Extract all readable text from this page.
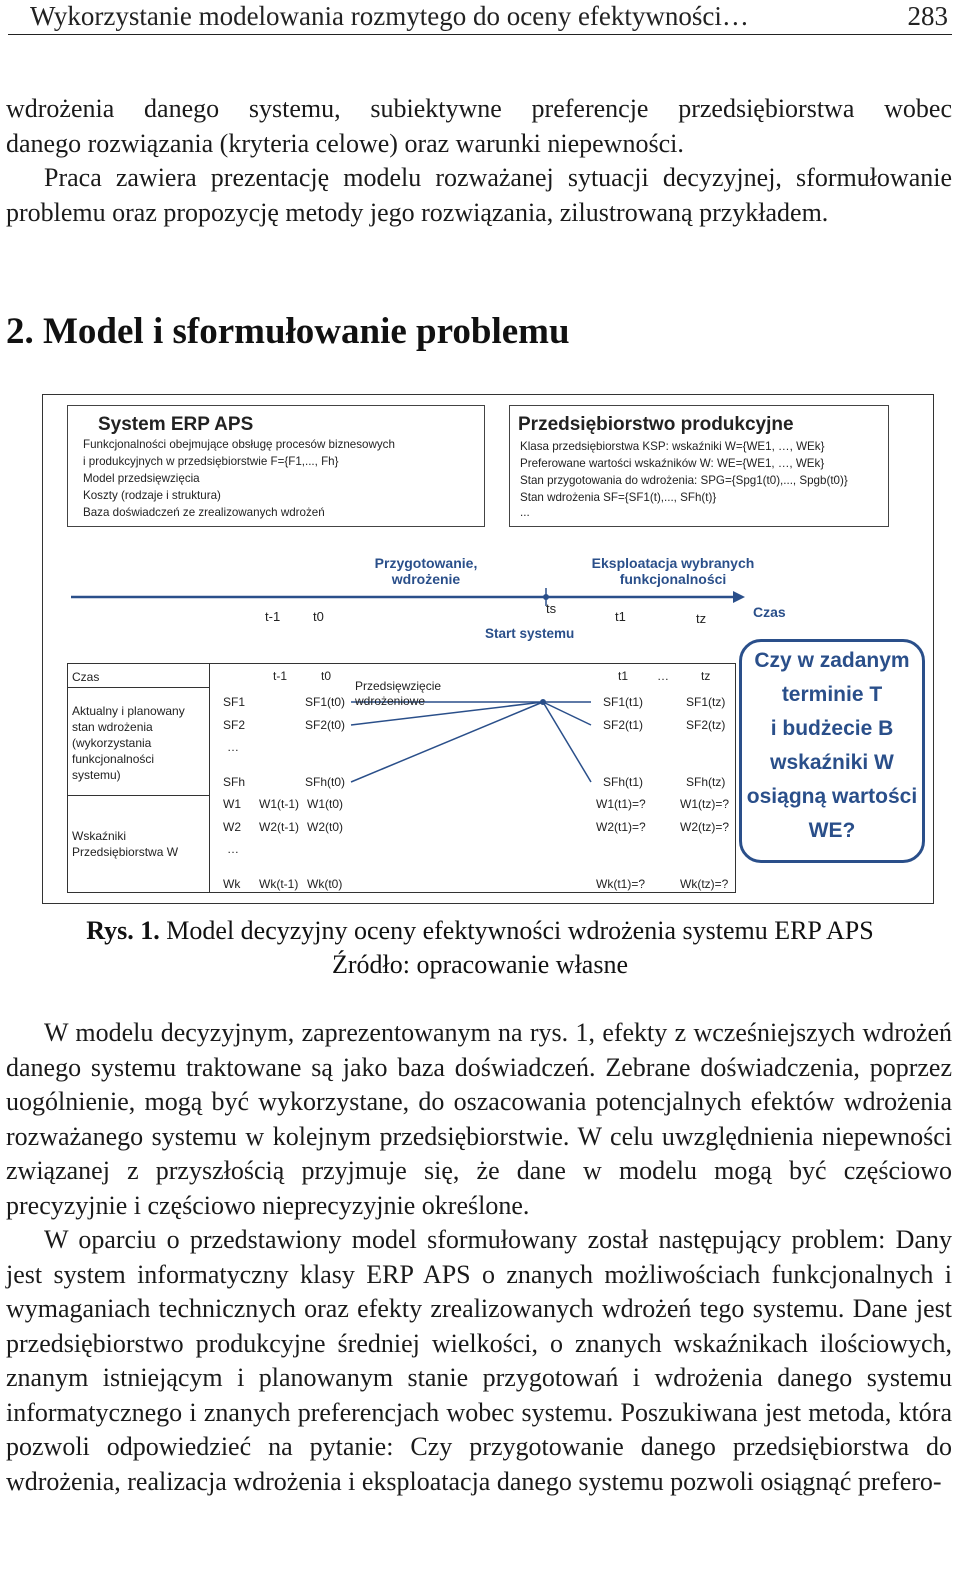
Wykorzystanie modelowania rozmytego do oceny efektywności…	283

wdrożenia danego systemu, subiektywne preferencje przedsiębiorstwa wobec

danego rozwiązania (kryteria celowe) oraz warunki niepewności.

Praca zawiera prezentację modelu rozważanej sytuacji decyzyjnej, sformułowanie problemu oraz propozycję metody jego rozwiązania, zilustrowaną przykładem.

2. Model i sformułowanie problemu
System ERP APS
Funkcjonalności obejmujące obsługę procesów biznesowych
i produkcyjnych w przedsiębiorstwie F={F1,..., Fh}
Model przedsięwzięcia
Koszty (rodzaje i struktura)
Baza doświadczeń ze zrealizowanych wdrożeń
Przedsiębiorstwo produkcyjne
Klasa przedsiębiorstwa KSP: wskaźniki W={WE1, …, WEk}
Preferowane wartości wskaźników W: WE={WE1, …, WEk}
Stan przygotowania do wdrożenia: SPG={Spg1(t0),..., Spgb(t0)}
Stan wdrożenia SF={SF1(t),..., SFh(t)}
...
Przygotowanie,
wdrożenie
Eksploatacja wybranych
funkcjonalności
t-1	t0
ts
Start systemu
t1	tz	Czas
Czas
Aktualny i planowany
stan wdrożenia
(wykorzystania
funkcjonalności
systemu)
Wskaźniki
Przedsiębiorstwa W
t-1	t0	t1 …	tz
Przedsięwzięcie
wdrożeniowe
SF1	SF1(t0)	SF1(t1)	SF1(tz)
SF2	SF2(t0)	SF2(t1)	SF2(tz)
…
SFh	SFh(t0)	SFh(t1)	SFh(tz)
W1 W1(t-1) W1(t0)	W1(t1)=?	W1(tz)=?
W2 W2(t-1) W2(t0)	W2(t1)=?	W2(tz)=?
…
Wk Wk(t-1) Wk(t0)	Wk(t1)=?	Wk(tz)=?
Czy w zadanym
terminie T
i budżecie B
wskaźniki W
osiągną wartości
WE?
Rys. 1. Model decyzyjny oceny efektywności wdrożenia systemu ERP APS
Źródło: opracowanie własne

W modelu decyzyjnym, zaprezentowanym na rys. 1, efekty z wcześniejszych wdrożeń danego systemu traktowane są jako baza doświadczeń. Zebrane doświadczenia, poprzez uogólnienie, mogą być wykorzystane, do oszacowania potencjalnych efektów wdrożenia rozważanego systemu w kolejnym przedsiębiorstwie. W celu uwzględnienia niepewności związanej z przyszłością przyjmuje się, że dane w modelu mogą być częściowo precyzyjnie i częściowo nieprecyzyjnie określone.

W oparciu o przedstawiony model sformułowany został następujący problem: Dany jest system informatyczny klasy ERP APS o znanych możliwościach funkcjonalnych i wymaganiach technicznych oraz efekty zrealizowanych wdrożeń tego systemu. Dane jest przedsiębiorstwo produkcyjne średniej wielkości, o znanych wskaźnikach ilościowych, znanym istniejącym i planowanym stanie przygotowań i wdrożenia danego systemu informatycznego i znanych preferencjach wobec systemu. Poszukiwana jest metoda, która pozwoli odpowiedzieć na pytanie: Czy przygotowanie danego przedsiębiorstwa do wdrożenia, realizacja wdrożenia i eksploatacja danego systemu pozwoli osiągnąć prefero-
